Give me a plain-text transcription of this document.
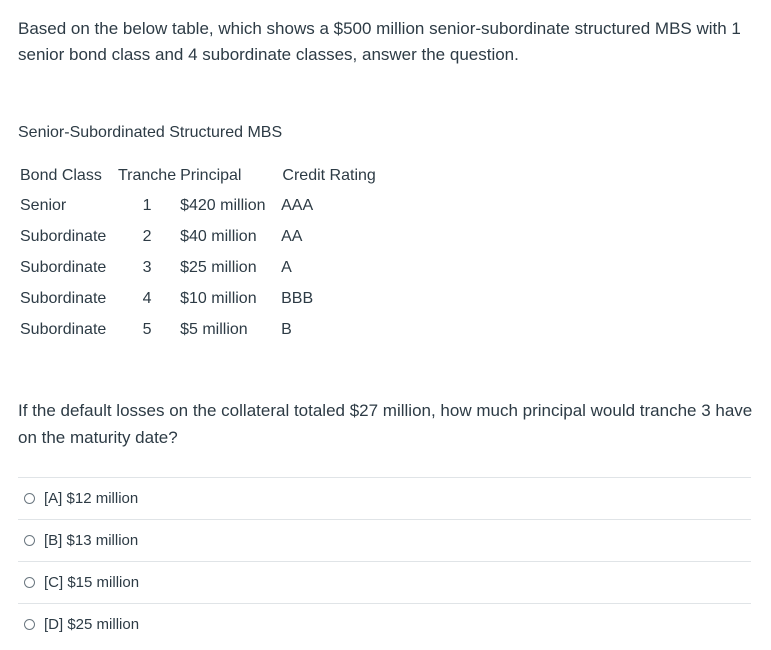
Based on the below table, which shows a $500 million senior-subordinate structured MBS with 1 senior bond class and 4 subordinate classes, answer the question.
Senior-Subordinated Structured MBS
Bond Class	Tranche	Principal	Credit Rating
Senior	1	$420 million	AAA
Subordinate	2	$40 million	AA
Subordinate	3	$25 million	A
Subordinate	4	$10 million	BBB
Subordinate	5	$5 million	B
If the default losses on the collateral totaled $27 million, how much principal would tranche 3 have on the maturity date?
[A] $12 million
[B] $13 million
[C] $15 million
[D] $25 million
